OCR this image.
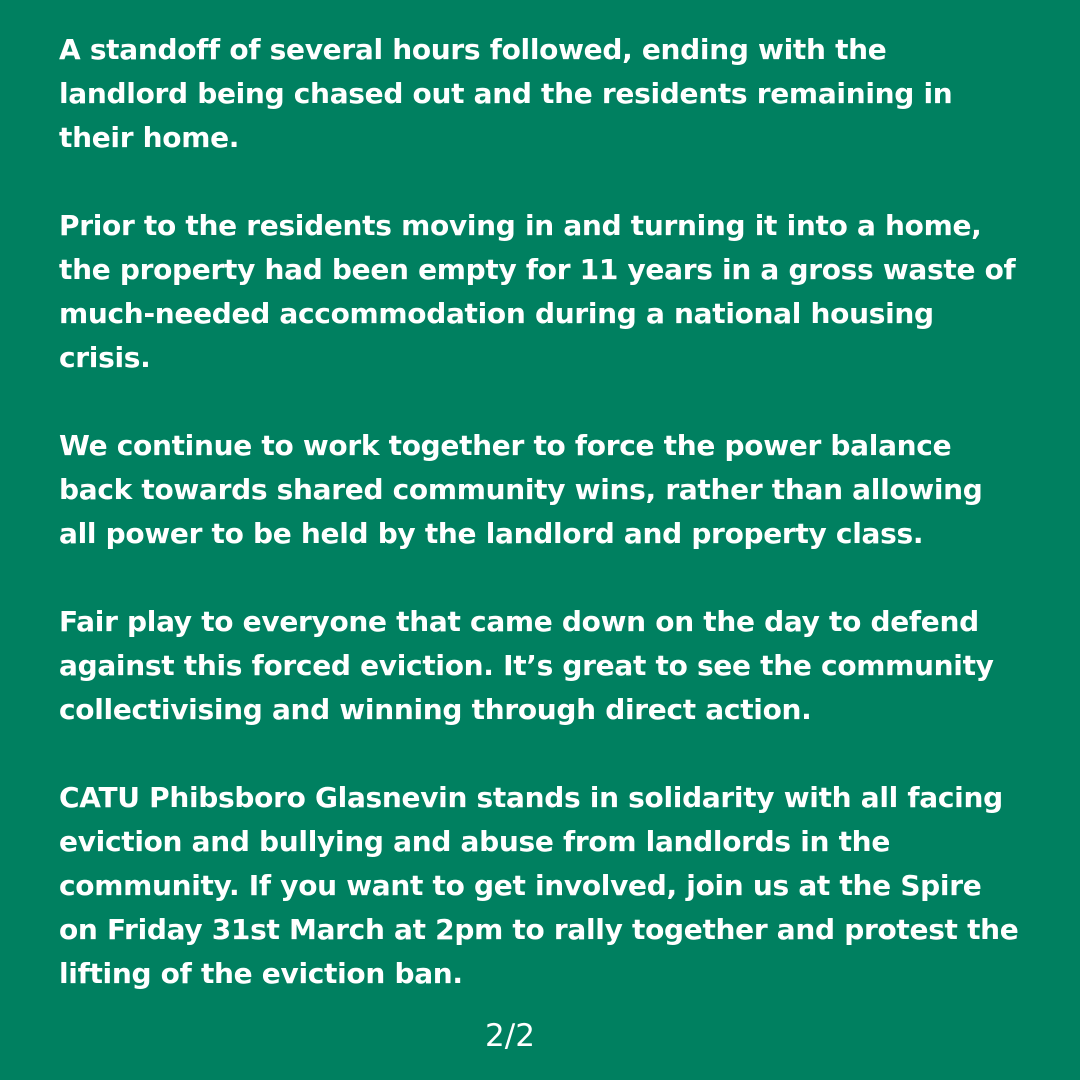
A standoff of several hours followed, ending with the
landlord being chased out and the residents remaining in
their home.

Prior to the residents moving in and turning it into a home,
the property had been empty for 11 years in a gross waste of
much-needed accommodation during a national housing
crisis.

We continue to work together to force the power balance
back towards shared community wins, rather than allowing
all power to be held by the landlord and property class.

Fair play to everyone that came down on the day to defend
against this forced eviction. It’s great to see the community
collectivising and winning through direct action.

CATU Phibsboro Glasnevin stands in solidarity with all facing
eviction and bullying and abuse from landlords in the
community. If you want to get involved, join us at the Spire
on Friday 31st March at 2pm to rally together and protest the
lifting of the eviction ban.

2/2
